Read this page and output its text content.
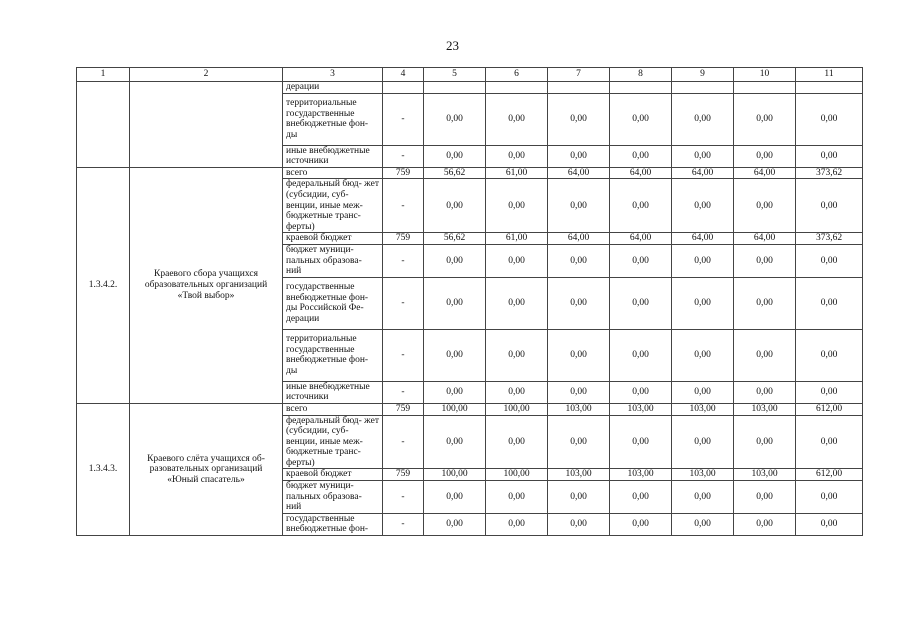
23
1	2	3	4	5	6	7	8	9	10	11
		дерации								
		территориальные государственные внебюджетные фон- ды	-	0,00	0,00	0,00	0,00	0,00	0,00	0,00
		иные внебюджетные источники	-	0,00	0,00	0,00	0,00	0,00	0,00	0,00
1.3.4.2.	Краевого сбора учащихся образовательных организаций «Твой выбор»	всего	759	56,62	61,00	64,00	64,00	64,00	64,00	373,62
		федеральный бюд- жет (субсидии, суб- венции, иные меж- бюджетные транс- ферты)	-	0,00	0,00	0,00	0,00	0,00	0,00	0,00
		краевой бюджет	759	56,62	61,00	64,00	64,00	64,00	64,00	373,62
		бюджет муници- пальных образова- ний	-	0,00	0,00	0,00	0,00	0,00	0,00	0,00
		государственные внебюджетные фон- ды Российской Фе- дерации	-	0,00	0,00	0,00	0,00	0,00	0,00	0,00
		территориальные государственные внебюджетные фон- ды	-	0,00	0,00	0,00	0,00	0,00	0,00	0,00
		иные внебюджетные источники	-	0,00	0,00	0,00	0,00	0,00	0,00	0,00
1.3.4.3.	Краевого слёта учащихся об- разовательных организаций «Юный спасатель»	всего	759	100,00	100,00	103,00	103,00	103,00	103,00	612,00
		федеральный бюд- жет (субсидии, суб- венции, иные меж- бюджетные транс- ферты)	-	0,00	0,00	0,00	0,00	0,00	0,00	0,00
		краевой бюджет	759	100,00	100,00	103,00	103,00	103,00	103,00	612,00
		бюджет муници- пальных образова- ний	-	0,00	0,00	0,00	0,00	0,00	0,00	0,00
		государственные внебюджетные фон-	-	0,00	0,00	0,00	0,00	0,00	0,00	0,00
